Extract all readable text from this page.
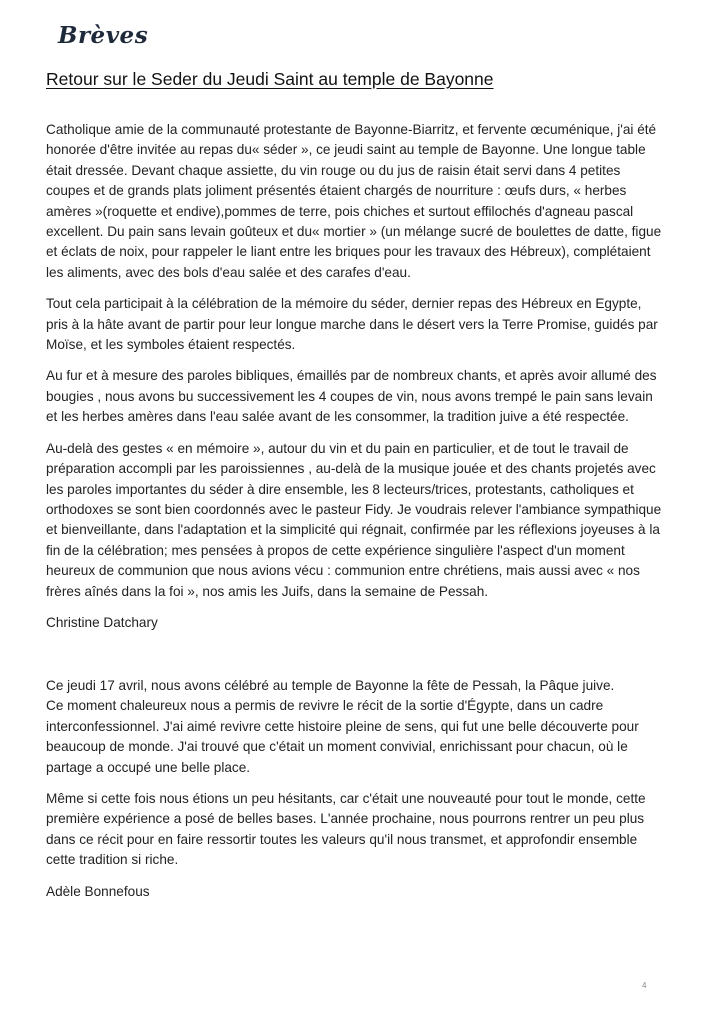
Brèves
Retour sur le Seder du Jeudi Saint au temple de Bayonne

Catholique amie de la communauté protestante de Bayonne-Biarritz, et fervente œcuménique, j'ai été honorée d'être invitée au repas du« séder », ce jeudi saint au temple de Bayonne. Une longue table était dressée. Devant chaque assiette, du vin rouge ou du jus de raisin était servi dans 4 petites coupes et de grands plats joliment présentés étaient chargés de nourriture : œufs durs, « herbes amères »(roquette et endive),pommes de terre, pois chiches et surtout effilochés d'agneau pascal excellent. Du pain sans levain goûteux et du« mortier » (un mélange sucré de boulettes de datte, figue et éclats de noix, pour rappeler le liant entre les briques pour les travaux des Hébreux), complétaient les aliments, avec des bols d'eau salée et des carafes d'eau.

Tout cela participait à la célébration de la mémoire du séder, dernier repas des Hébreux en Egypte, pris à la hâte avant de partir pour leur longue marche dans le désert vers la Terre Promise, guidés par Moïse, et les symboles étaient respectés.

Au fur et à mesure des paroles bibliques, émaillés par de nombreux chants, et après avoir allumé des bougies , nous avons bu successivement les 4 coupes de vin, nous avons trempé le pain sans levain et les herbes amères dans l'eau salée avant de les consommer, la tradition juive a été respectée.

Au-delà des gestes « en mémoire », autour du vin et du pain en particulier, et de tout le travail de préparation accompli par les paroissiennes , au-delà de la musique jouée et des chants projetés avec les paroles importantes du séder à dire ensemble, les 8 lecteurs/trices, protestants, catholiques et orthodoxes se sont bien coordonnés avec le pasteur Fidy. Je voudrais relever l'ambiance sympathique et bienveillante, dans l'adaptation et la simplicité qui régnait, confirmée par les réflexions joyeuses à la fin de la célébration; mes pensées à propos de cette expérience singulière l'aspect d'un moment heureux de communion que nous avions vécu : communion entre chrétiens, mais aussi avec « nos frères aînés dans la foi », nos amis les Juifs, dans la semaine de Pessah.

Christine Datchary

Ce jeudi 17 avril, nous avons célébré au temple de Bayonne la fête de Pessah, la Pâque juive.

Ce moment chaleureux nous a permis de revivre le récit de la sortie d'Égypte, dans un cadre interconfessionnel. J'ai aimé revivre cette histoire pleine de sens, qui fut une belle découverte pour beaucoup de monde. J'ai trouvé que c'était un moment convivial, enrichissant pour chacun, où le partage a occupé une belle place.

Même si cette fois nous étions un peu hésitants, car c'était une nouveauté pour tout le monde, cette première expérience a posé de belles bases. L'année prochaine, nous pourrons rentrer un peu plus dans ce récit pour en faire ressortir toutes les valeurs qu'il nous transmet, et approfondir ensemble cette tradition si riche.

Adèle Bonnefous

4
